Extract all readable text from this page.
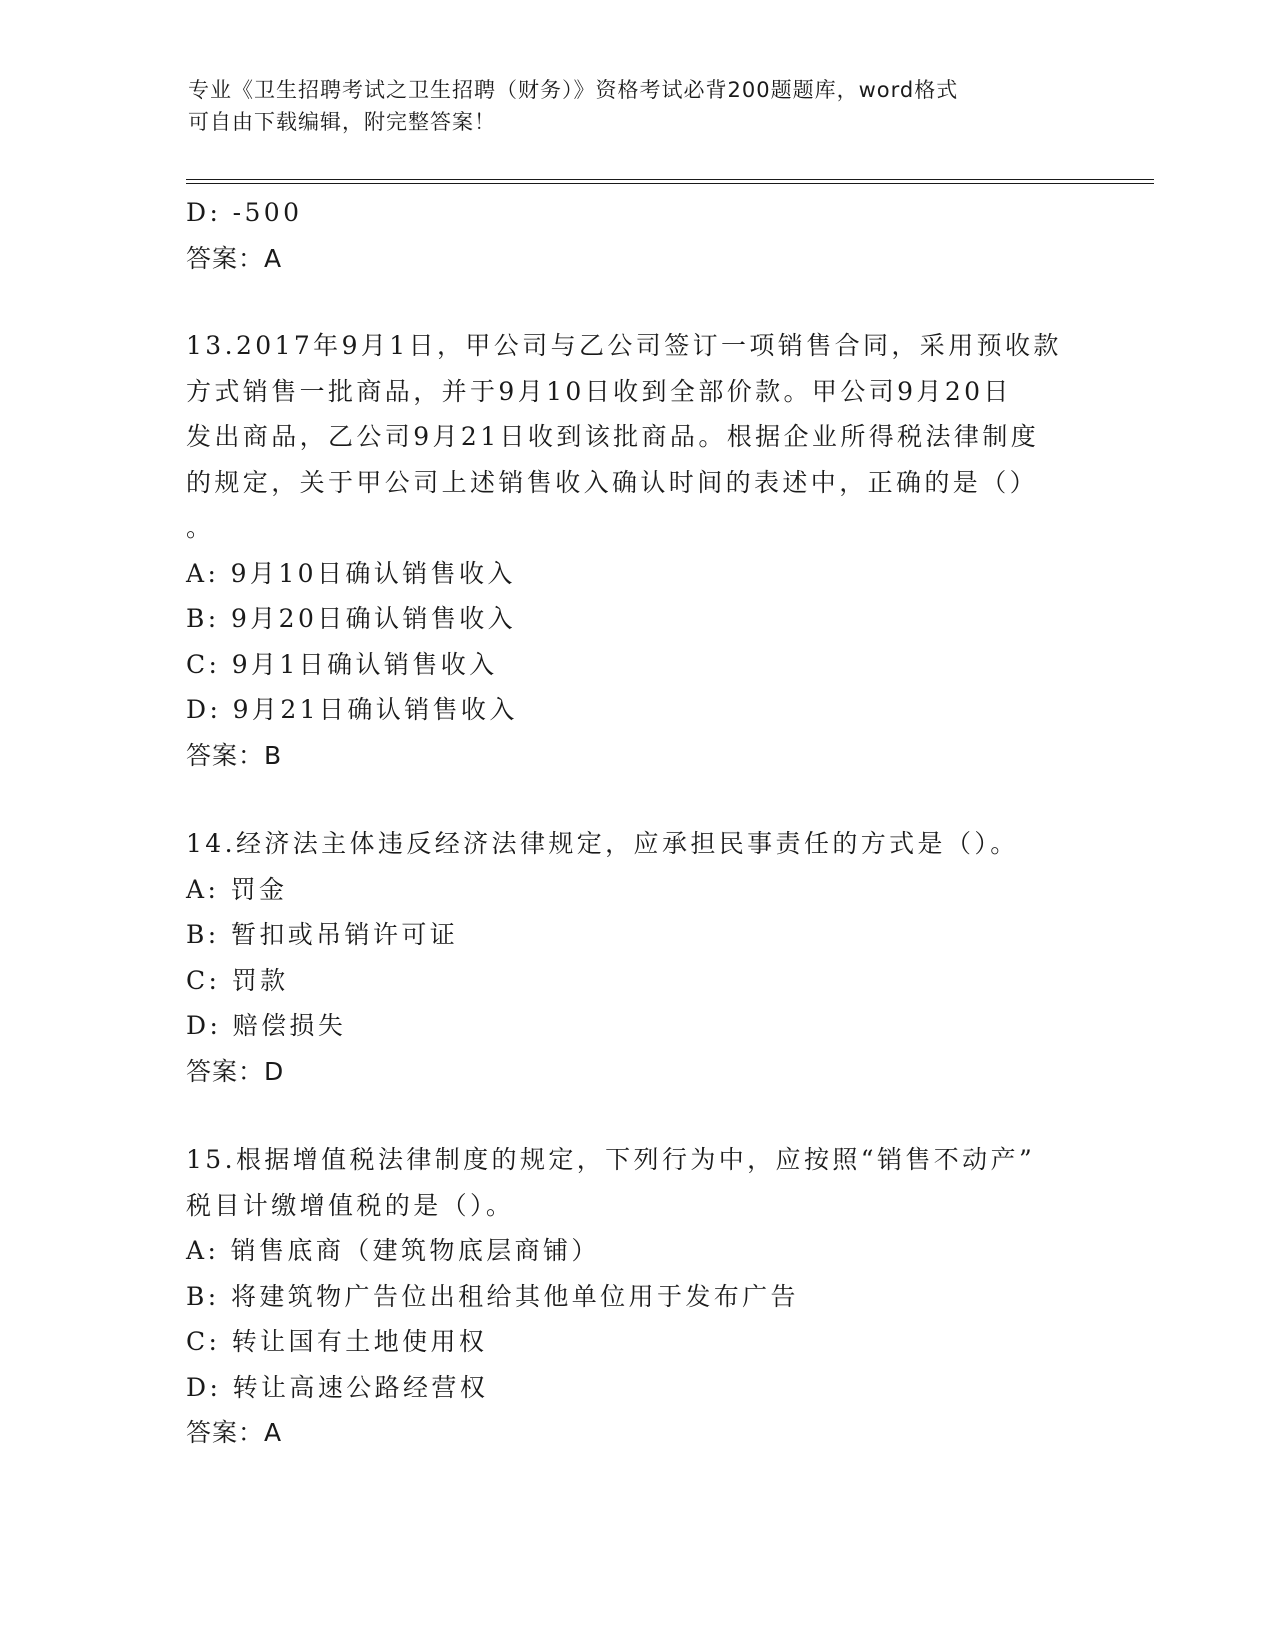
专业《卫生招聘考试之卫生招聘（财务）》资格考试必背200题题库，word格式
可自由下载编辑，附完整答案！
D: -500
答案：A
13.2017年9月1日，甲公司与乙公司签订一项销售合同，采用预收款
方式销售一批商品，并于9月10日收到全部价款。甲公司9月20日
发出商品，乙公司9月21日收到该批商品。根据企业所得税法律制度
的规定，关于甲公司上述销售收入确认时间的表述中，正确的是（）
。
A: 9月10日确认销售收入
B: 9月20日确认销售收入
C: 9月1日确认销售收入
D: 9月21日确认销售收入
答案：B
14.经济法主体违反经济法律规定，应承担民事责任的方式是（）。
A: 罚金
B: 暂扣或吊销许可证
C: 罚款
D: 赔偿损失
答案：D
15.根据增值税法律制度的规定，下列行为中，应按照“销售不动产”
税目计缴增值税的是（）。
A: 销售底商（建筑物底层商铺）
B: 将建筑物广告位出租给其他单位用于发布广告
C: 转让国有土地使用权
D: 转让高速公路经营权
答案：A
